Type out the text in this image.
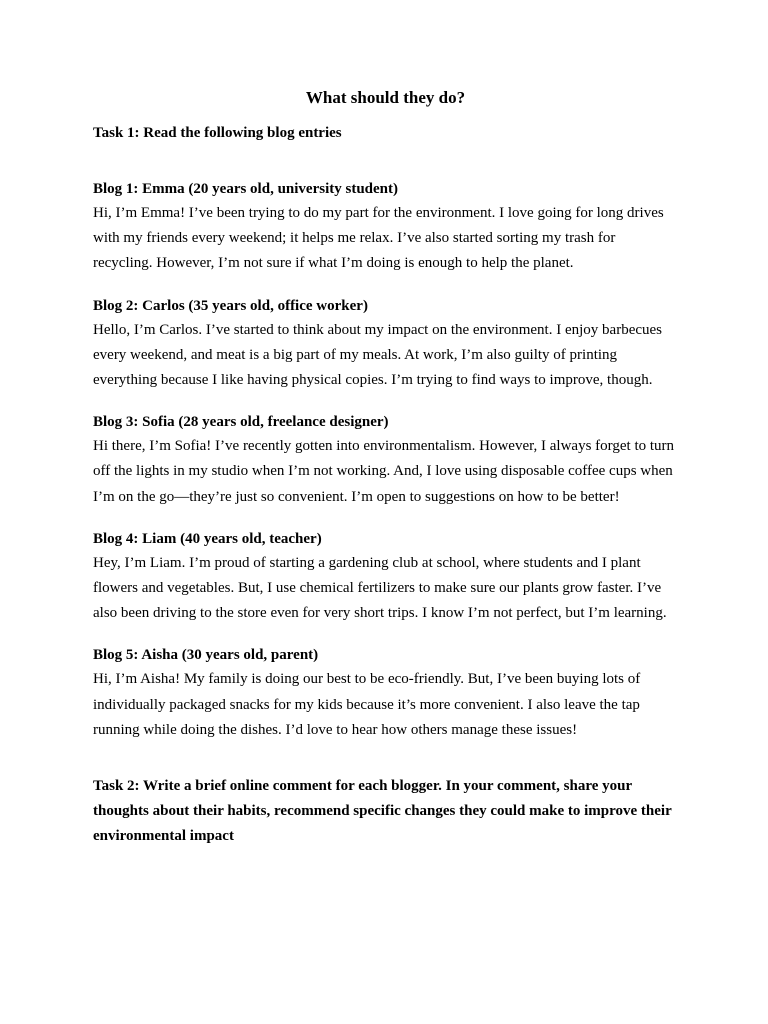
What should they do?

Task 1: Read the following blog entries

Blog 1: Emma (20 years old, university student)

Hi, I’m Emma! I’ve been trying to do my part for the environment. I love going for long drives with my friends every weekend; it helps me relax. I’ve also started sorting my trash for recycling. However, I’m not sure if what I’m doing is enough to help the planet.

Blog 2: Carlos (35 years old, office worker)

Hello, I’m Carlos. I’ve started to think about my impact on the environment. I enjoy barbecues every weekend, and meat is a big part of my meals. At work, I’m also guilty of printing everything because I like having physical copies. I’m trying to find ways to improve, though.

Blog 3: Sofia (28 years old, freelance designer)

Hi there, I’m Sofia! I’ve recently gotten into environmentalism. However, I always forget to turn off the lights in my studio when I’m not working. And, I love using disposable coffee cups when I’m on the go—they’re just so convenient. I’m open to suggestions on how to be better!

Blog 4: Liam (40 years old, teacher)

Hey, I’m Liam. I’m proud of starting a gardening club at school, where students and I plant flowers and vegetables. But, I use chemical fertilizers to make sure our plants grow faster. I’ve also been driving to the store even for very short trips. I know I’m not perfect, but I’m learning.

Blog 5: Aisha (30 years old, parent)

Hi, I’m Aisha! My family is doing our best to be eco-friendly. But, I’ve been buying lots of individually packaged snacks for my kids because it’s more convenient. I also leave the tap running while doing the dishes. I’d love to hear how others manage these issues!

Task 2: Write a brief online comment for each blogger. In your comment, share your thoughts about their habits, recommend specific changes they could make to improve their environmental impact
